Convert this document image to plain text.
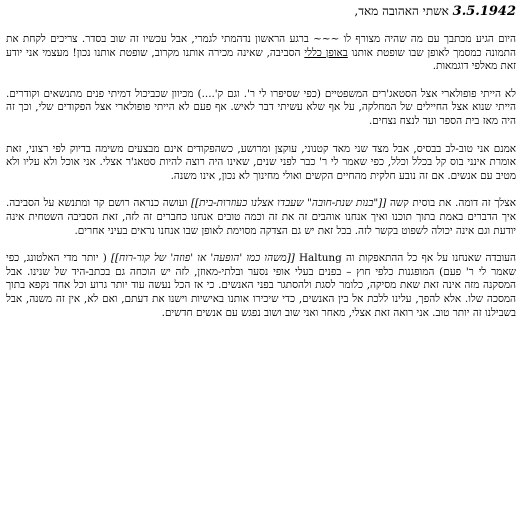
3.5.1942 אשתי האהובה מאד,

היום הגיע מכתבך עם מה שהיה מצורף לו ~~~ ברגע הראשון נדהמתי לגמרי, אבל עכשיו זה שוב בסדר. צריכים לקחת את התמונה כמסמך לאופן שבו שופטת אותנו באופן כללי הסביבה, שאינה מכירה אותנו מקרוב, שופטת אותנו נכון! מעצמי אני יודע זאת מאלפי דוגמאות.

לא הייתי פופולארי אצל הסטאג'רים המשפטיים (כפי שסיפרו לי ר'. וגם ק'....) מכיוון שכביכול דמיתי פנים מתנשאים וקודרים. הייתי שנוא אצל החיילים של המחלקה, על אף שלא עשיתי דבר לאיש. אף פעם לא הייתי פופולארי אצל הפקודים שלי, וכך זה היה מאז בית הספר ועד לנצח נצחים.

אמנם אני טוב-לב בבסיס, אבל מצד שני מאד קטנוני, עוקצן ומרושע, כשהפקודים אינם מבצעים משימה בדיוק לפי רצוני, זאת אומרת אינני בוס קל בכלל וכלל, כפי שאמר לי ר' כבר לפני שנים, שאינו היה רוצה להיות סטאג'ר אצלי. אני אוכל ולא עליו ולא מטיב עם אנשים. אם זה נובע חלקית מהחיים הקשים ואולי מחינוך לא נכון, אינו משנה.

אצלך זה דומה. את בוסית קשה [["בנות שנת-חובה" שעבדו אצלנו כעוזרות-בית]] ועושה כנראה רושם קר ומתנשא על הסביבה. איך הדברים באמת בתוך תוכנו ואיך אנחנו אוהבים זה את זה וכמה טובים אנחנו כחברים זה לזה, זאת הסביבה השטחית אינה יודעת וגם אינה יכולה לשפוט בקשר לזה. בכל זאת יש גם הצדקה מסוימת לאופן שבו אנחנו נראים בעיני אחרים.

העובדה שאנחנו על אף כל ההתאפקות וה Haltung [[משהו כמו 'הופעה' או 'פוזה' של קור-רוח]] ( יותר מדי האלטונג, כפי שאמר לי ר' פעם) המופגנות כלפי חוץ – בפנים בעלי אופי נסער ובלתי-מאוזן, לזה יש הוכחה גם בכתב-היד של שנינו. אבל המסקנה מזה אינה זאת שאת מסיקה, כלומר לסגת ולהסתגר בפני האנשים. כי אז הכל נעשה עוד יותר גרוע וכל אחד נקפא בתוך המסכה שלו. אלא להפך, עלינו ללכת אל בין האנשים, כדי שיכירו אותנו באישיות וישנו את דעתם, ואם לא, אין זה משנה, אבל בשבילנו זה יותר טוב. אני רואה זאת אצלי, מאחר ואני שוב ושוב נפגש עם אנשים חדשים.
